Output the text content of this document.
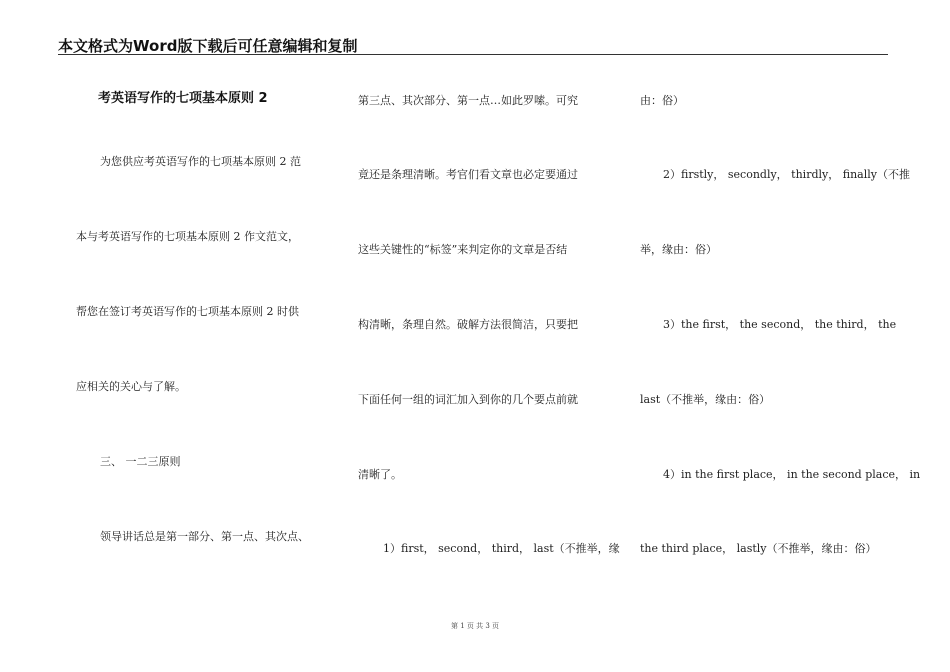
本文格式为Word版下载后可任意编辑和复制
考英语写作的七项基本原则 2
为您供应考英语写作的七项基本原则 2 范
本与考英语写作的七项基本原则 2 作文范文，
帮您在签订考英语写作的七项基本原则 2 时供
应相关的关心与了解。
三、 一二三原则
领导讲话总是第一部分、第一点、其次点、
第三点、其次部分、第一点…如此罗嗦。可究
竟还是条理清晰。考官们看文章也必定要通过
这些关键性的“标签”来判定你的文章是否结
构清晰，条理自然。破解方法很简洁，只要把
下面任何一组的词汇加入到你的几个要点前就
清晰了。
1）first， second， third， last（不推举，缘
由：俗）
2）firstly， secondly， thirdly， finally（不推
举，缘由：俗）
3）the first， the second， the third， the
last（不推举，缘由：俗）
4）in the first place， in the second place， in
the third place， lastly（不推举，缘由：俗）
第 1 页 共 3 页
